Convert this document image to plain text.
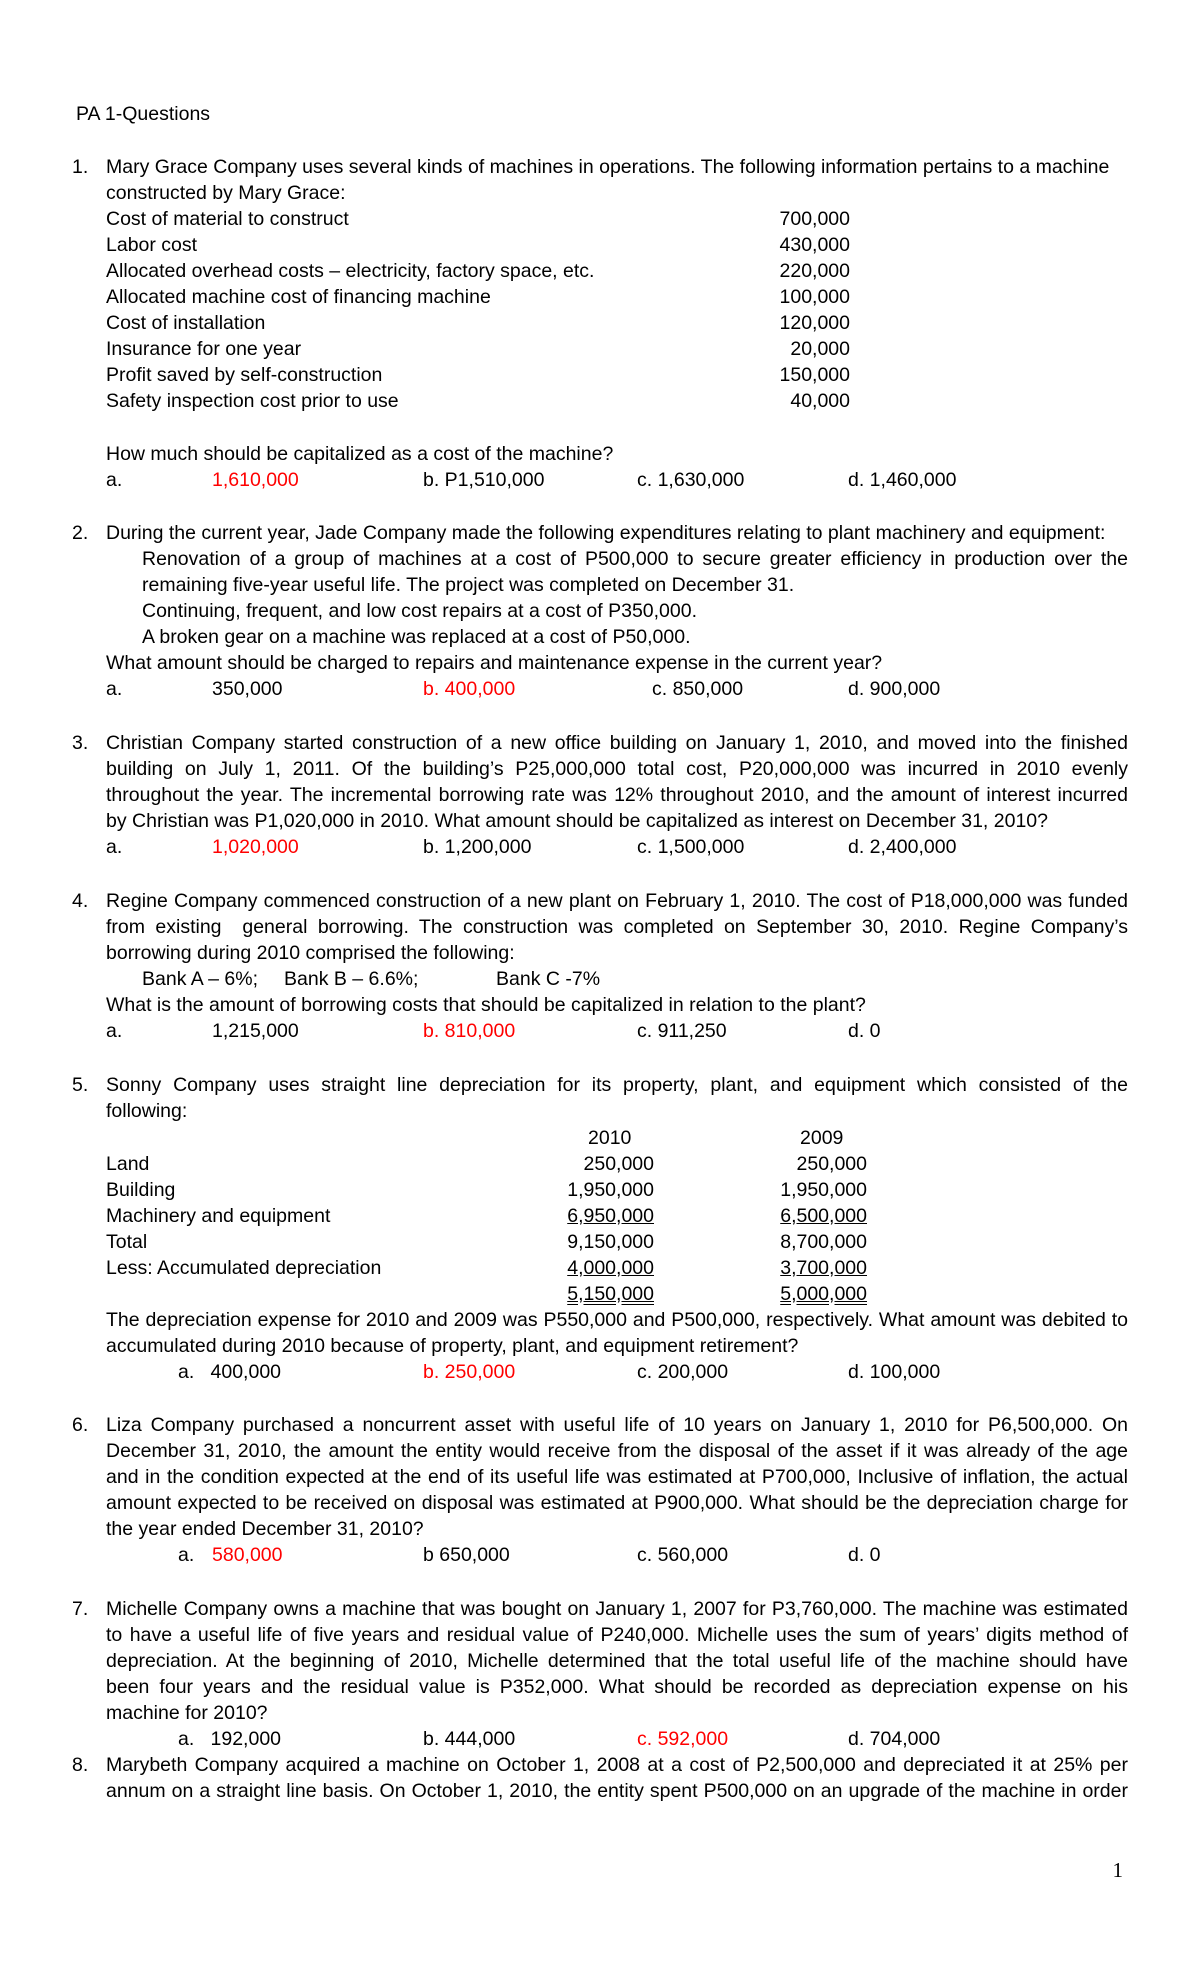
PA 1-Questions
1. Mary Grace Company uses several kinds of machines in operations. The following information pertains to a machine
constructed by Mary Grace:
Cost of material to construct	700,000
Labor cost	430,000
Allocated overhead costs – electricity, factory space, etc.	220,000
Allocated machine cost of financing machine	100,000
Cost of installation	120,000
Insurance for one year	20,000
Profit saved by self-construction	150,000
Safety inspection cost prior to use	40,000
How much should be capitalized as a cost of the machine?
a.	1,610,000	b. P1,510,000	c. 1,630,000	d. 1,460,000
2. During the current year, Jade Company made the following expenditures relating to plant machinery and equipment:
Renovation of a group of machines at a cost of P500,000 to secure greater efficiency in production over the
remaining five-year useful life. The project was completed on December 31.
Continuing, frequent, and low cost repairs at a cost of P350,000.
A broken gear on a machine was replaced at a cost of P50,000.
What amount should be charged to repairs and maintenance expense in the current year?
a.	350,000	b. 400,000	c. 850,000	d. 900,000
3. Christian Company started construction of a new office building on January 1, 2010, and moved into the finished
building on July 1, 2011. Of the building’s P25,000,000 total cost, P20,000,000 was incurred in 2010 evenly
throughout the year. The incremental borrowing rate was 12% throughout 2010, and the amount of interest incurred
by Christian was P1,020,000 in 2010. What amount should be capitalized as interest on December 31, 2010?
a.	1,020,000	b. 1,200,000	c. 1,500,000	d. 2,400,000
4. Regine Company commenced construction of a new plant on February 1, 2010. The cost of P18,000,000 was funded
from existing  general borrowing. The construction was completed on September 30, 2010. Regine Company’s
borrowing during 2010 comprised the following:
Bank A – 6%; Bank B – 6.6%;	Bank C -7%
What is the amount of borrowing costs that should be capitalized in relation to the plant?
a.	1,215,000	b. 810,000	c. 911,250	d. 0
5. Sonny Company uses straight line depreciation for its property, plant, and equipment which consisted of the
following:
2010	2009
Land	250,000	250,000
Building	1,950,000	1,950,000
Machinery and equipment	6,950,000	6,500,000
Total	9,150,000	8,700,000
Less: Accumulated depreciation	4,000,000	3,700,000
5,150,000	5,000,000
The depreciation expense for 2010 and 2009 was P550,000 and P500,000, respectively. What amount was debited to
accumulated during 2010 because of property, plant, and equipment retirement?
a.   400,000	b. 250,000	c. 200,000	d. 100,000
6. Liza Company purchased a noncurrent asset with useful life of 10 years on January 1, 2010 for P6,500,000. On
December 31, 2010, the amount the entity would receive from the disposal of the asset if it was already of the age
and in the condition expected at the end of its useful life was estimated at P700,000, Inclusive of inflation, the actual
amount expected to be received on disposal was estimated at P900,000. What should be the depreciation charge for
the year ended December 31, 2010?
a. 580,000	b 650,000	c. 560,000	d. 0
7. Michelle Company owns a machine that was bought on January 1, 2007 for P3,760,000. The machine was estimated
to have a useful life of five years and residual value of P240,000. Michelle uses the sum of years’ digits method of
depreciation. At the beginning of 2010, Michelle determined that the total useful life of the machine should have
been four years and the residual value is P352,000. What should be recorded as depreciation expense on his
machine for 2010?
a.   192,000	b. 444,000	c. 592,000	d. 704,000
8. Marybeth Company acquired a machine on October 1, 2008 at a cost of P2,500,000 and depreciated it at 25% per
annum on a straight line basis. On October 1, 2010, the entity spent P500,000 on an upgrade of the machine in order
1
